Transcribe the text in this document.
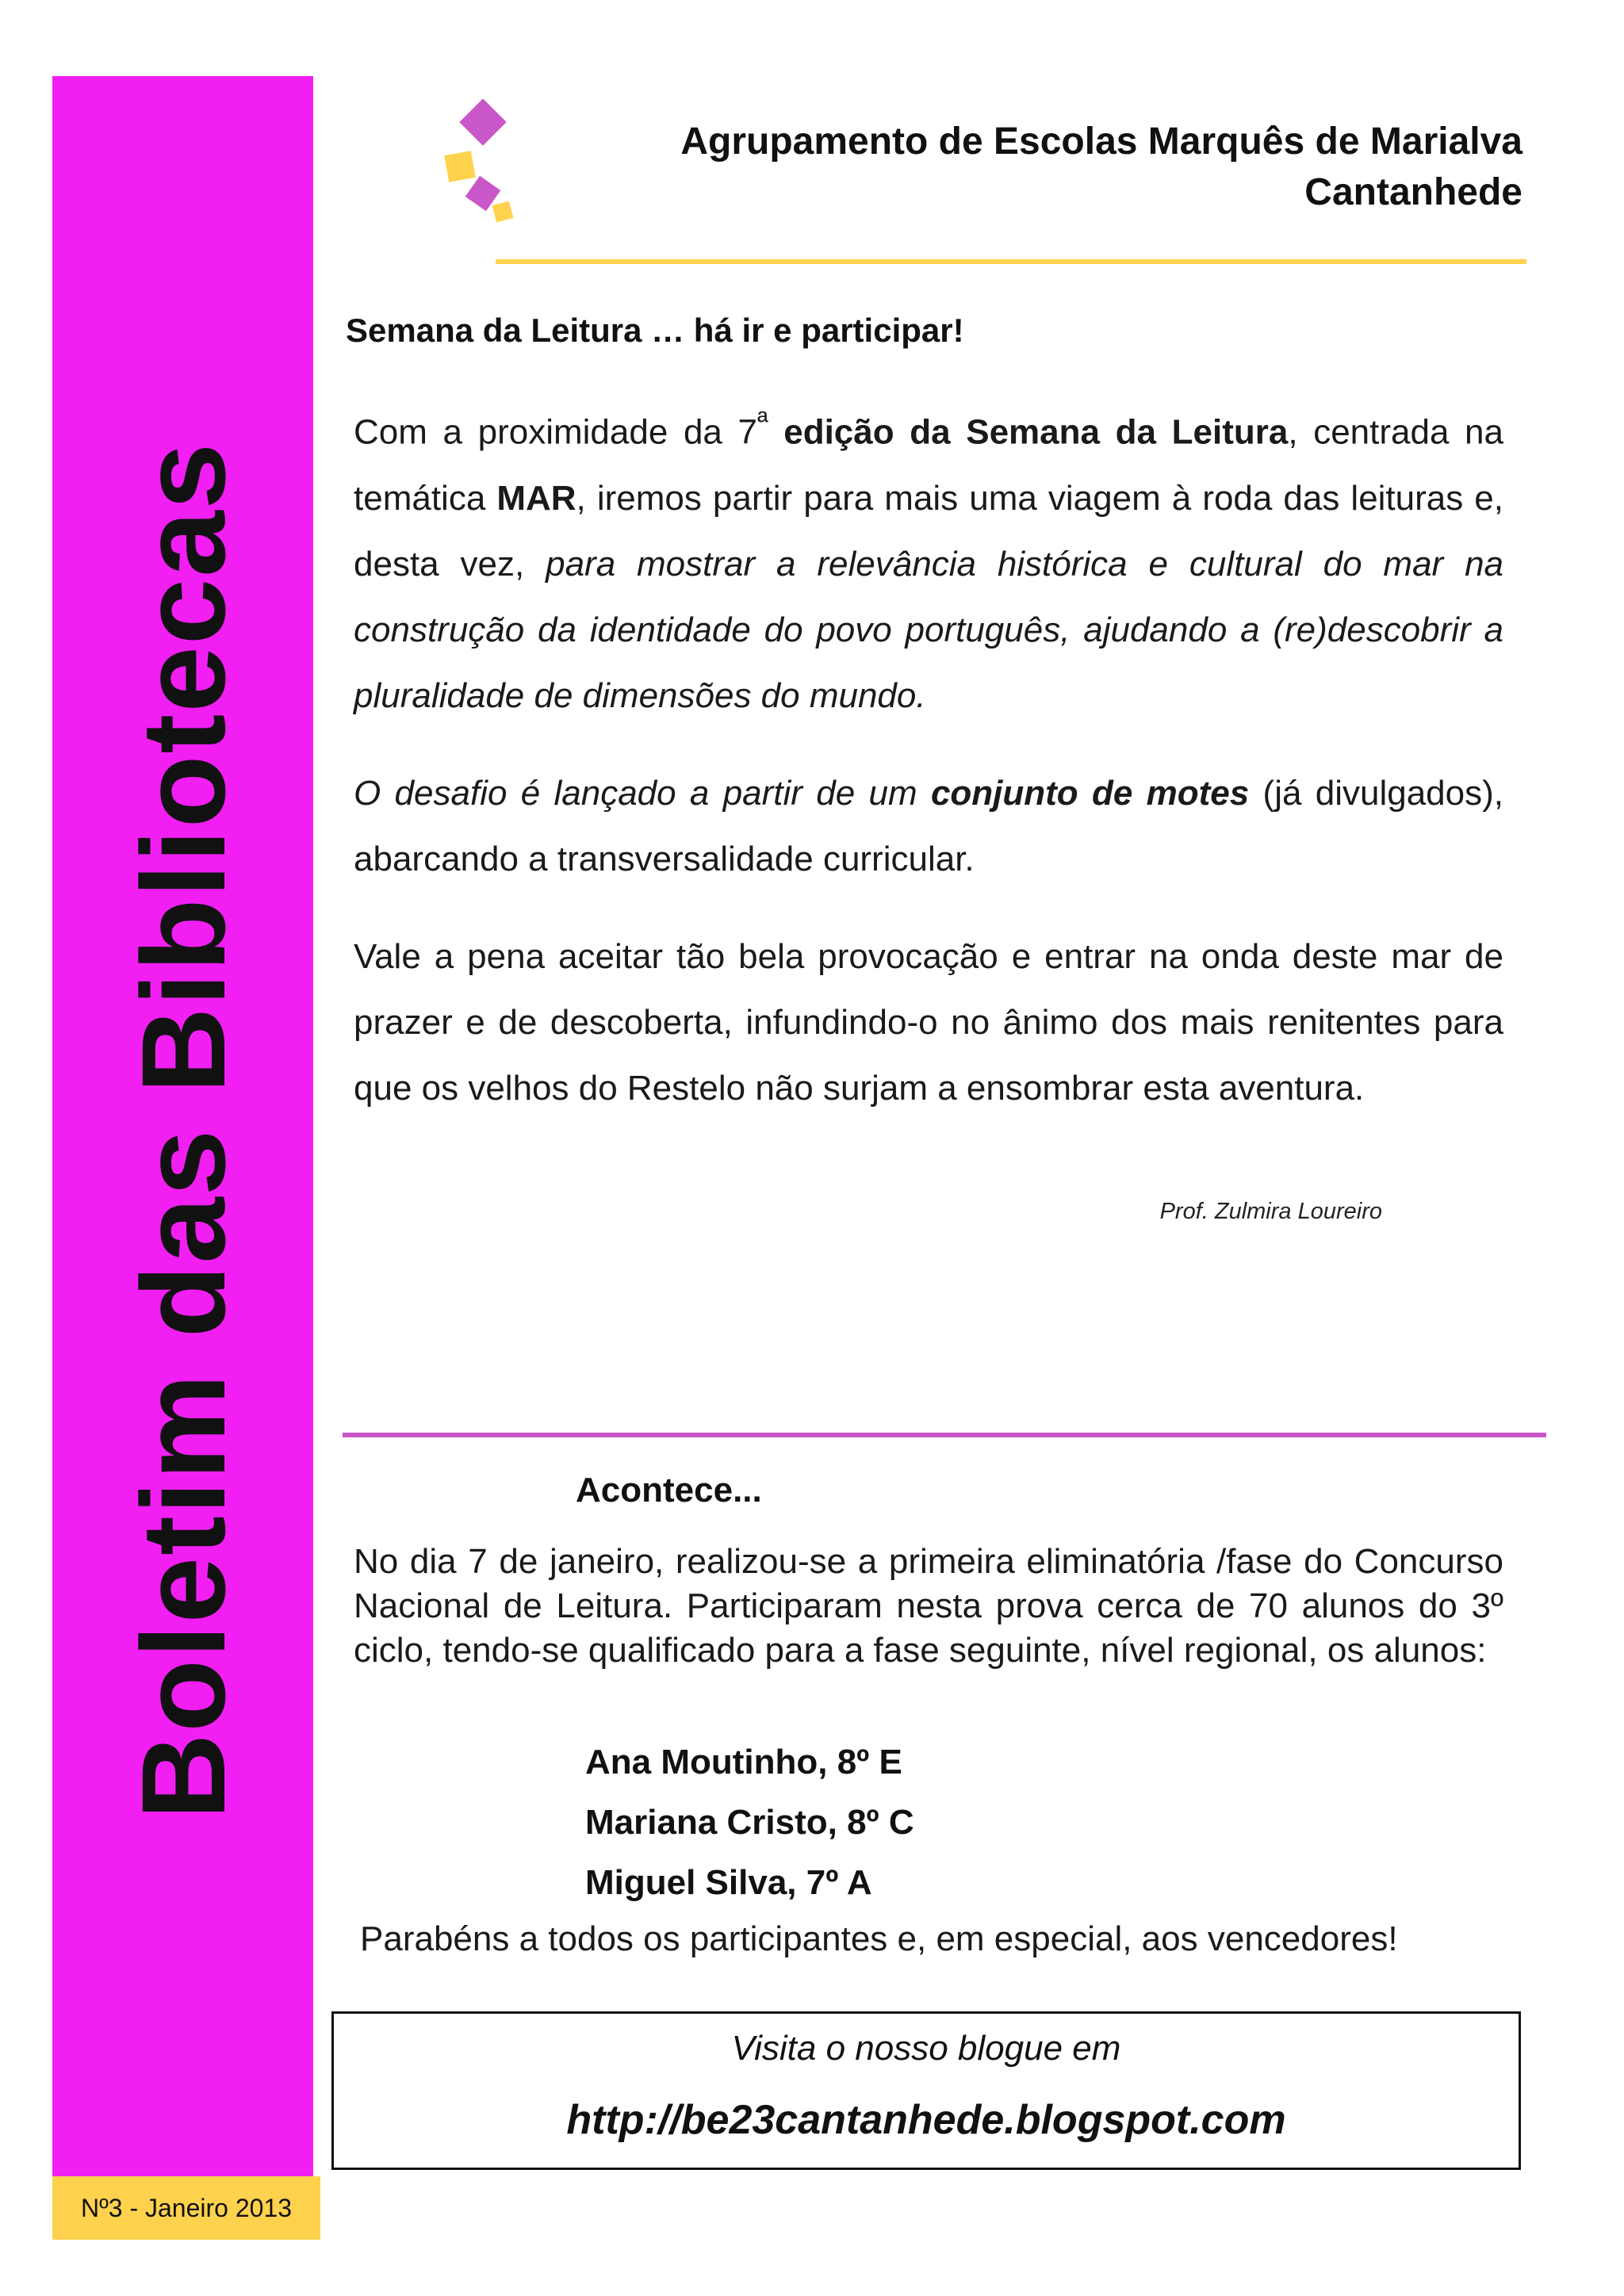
Boletim das Bibliotecas
Nº3 - Janeiro 2013
Agrupamento de Escolas Marquês de Marialva
Cantanhede
Semana da Leitura … há ir e participar!

Com a proximidade da $7^ª$ edição da Semana da Leitura, centrada na temática MAR, iremos partir para mais uma viagem à roda das leituras e, desta vez, para mostrar a relevância histórica e cultural do mar na construção da identidade do povo português, ajudando a (re)descobrir a pluralidade de dimensões do mundo.

O desafio é lançado a partir de um conjunto de motes (já divulgados), abarcando a transversalidade curricular.

Vale a pena aceitar tão bela provocação e entrar na onda deste mar de prazer e de descoberta, infundindo-o no ânimo dos mais renitentes para que os velhos do Restelo não surjam a ensombrar esta aventura.

Prof. Zulmira Loureiro
Acontece...
No dia 7 de janeiro, realizou-se a primeira eliminatória /fase do Concurso Nacional de Leitura. Participaram nesta prova cerca de 70 alunos do 3º ciclo, tendo-se qualificado para a fase seguinte, nível regional, os alunos:
Ana Moutinho, 8º E
Mariana Cristo, 8º C
Miguel Silva, 7º A
Parabéns a todos os participantes e, em especial, aos vencedores!
Visita o nosso blogue em
http://be23cantanhede.blogspot.com
